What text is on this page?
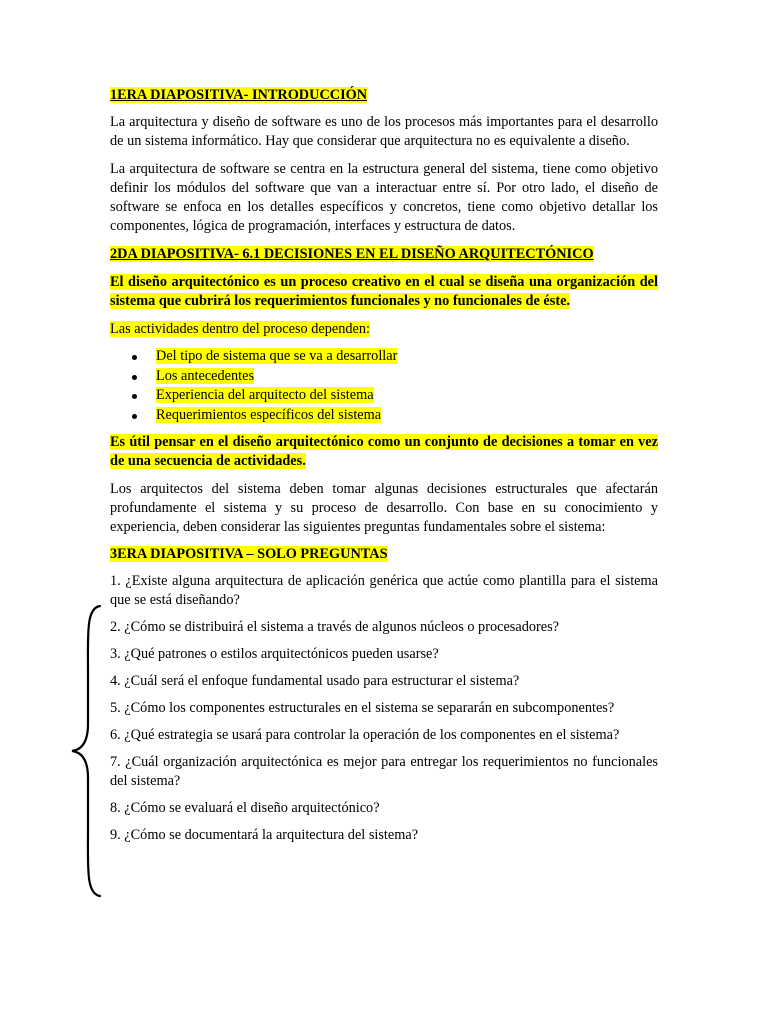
1ERA DIAPOSITIVA- INTRODUCCIÓN

La arquitectura y diseño de software es uno de los procesos más importantes para el desarrollo de un sistema informático. Hay que considerar que arquitectura no es equivalente a diseño.

La arquitectura de software se centra en la estructura general del sistema, tiene como objetivo definir los módulos del software que van a interactuar entre sí. Por otro lado, el diseño de software se enfoca en los detalles específicos y concretos, tiene como objetivo detallar los componentes, lógica de programación, interfaces y estructura de datos.

2DA DIAPOSITIVA- 6.1 DECISIONES EN EL DISEÑO ARQUITECTÓNICO

El diseño arquitectónico es un proceso creativo en el cual se diseña una organización del sistema que cubrirá los requerimientos funcionales y no funcionales de éste.

Las actividades dentro del proceso dependen:

Del tipo de sistema que se va a desarrollar
Los antecedentes
Experiencia del arquitecto del sistema
Requerimientos específicos del sistema

Es útil pensar en el diseño arquitectónico como un conjunto de decisiones a tomar en vez de una secuencia de actividades.

Los arquitectos del sistema deben tomar algunas decisiones estructurales que afectarán profundamente el sistema y su proceso de desarrollo. Con base en su conocimiento y experiencia, deben considerar las siguientes preguntas fundamentales sobre el sistema:

3ERA DIAPOSITIVA – SOLO PREGUNTAS

1. ¿Existe alguna arquitectura de aplicación genérica que actúe como plantilla para el sistema que se está diseñando?

2. ¿Cómo se distribuirá el sistema a través de algunos núcleos o procesadores?

3. ¿Qué patrones o estilos arquitectónicos pueden usarse?

4. ¿Cuál será el enfoque fundamental usado para estructurar el sistema?

5. ¿Cómo los componentes estructurales en el sistema se separarán en subcomponentes?

6. ¿Qué estrategia se usará para controlar la operación de los componentes en el sistema?

7. ¿Cuál organización arquitectónica es mejor para entregar los requerimientos no funcionales del sistema?

8. ¿Cómo se evaluará el diseño arquitectónico?

9. ¿Cómo se documentará la arquitectura del sistema?
